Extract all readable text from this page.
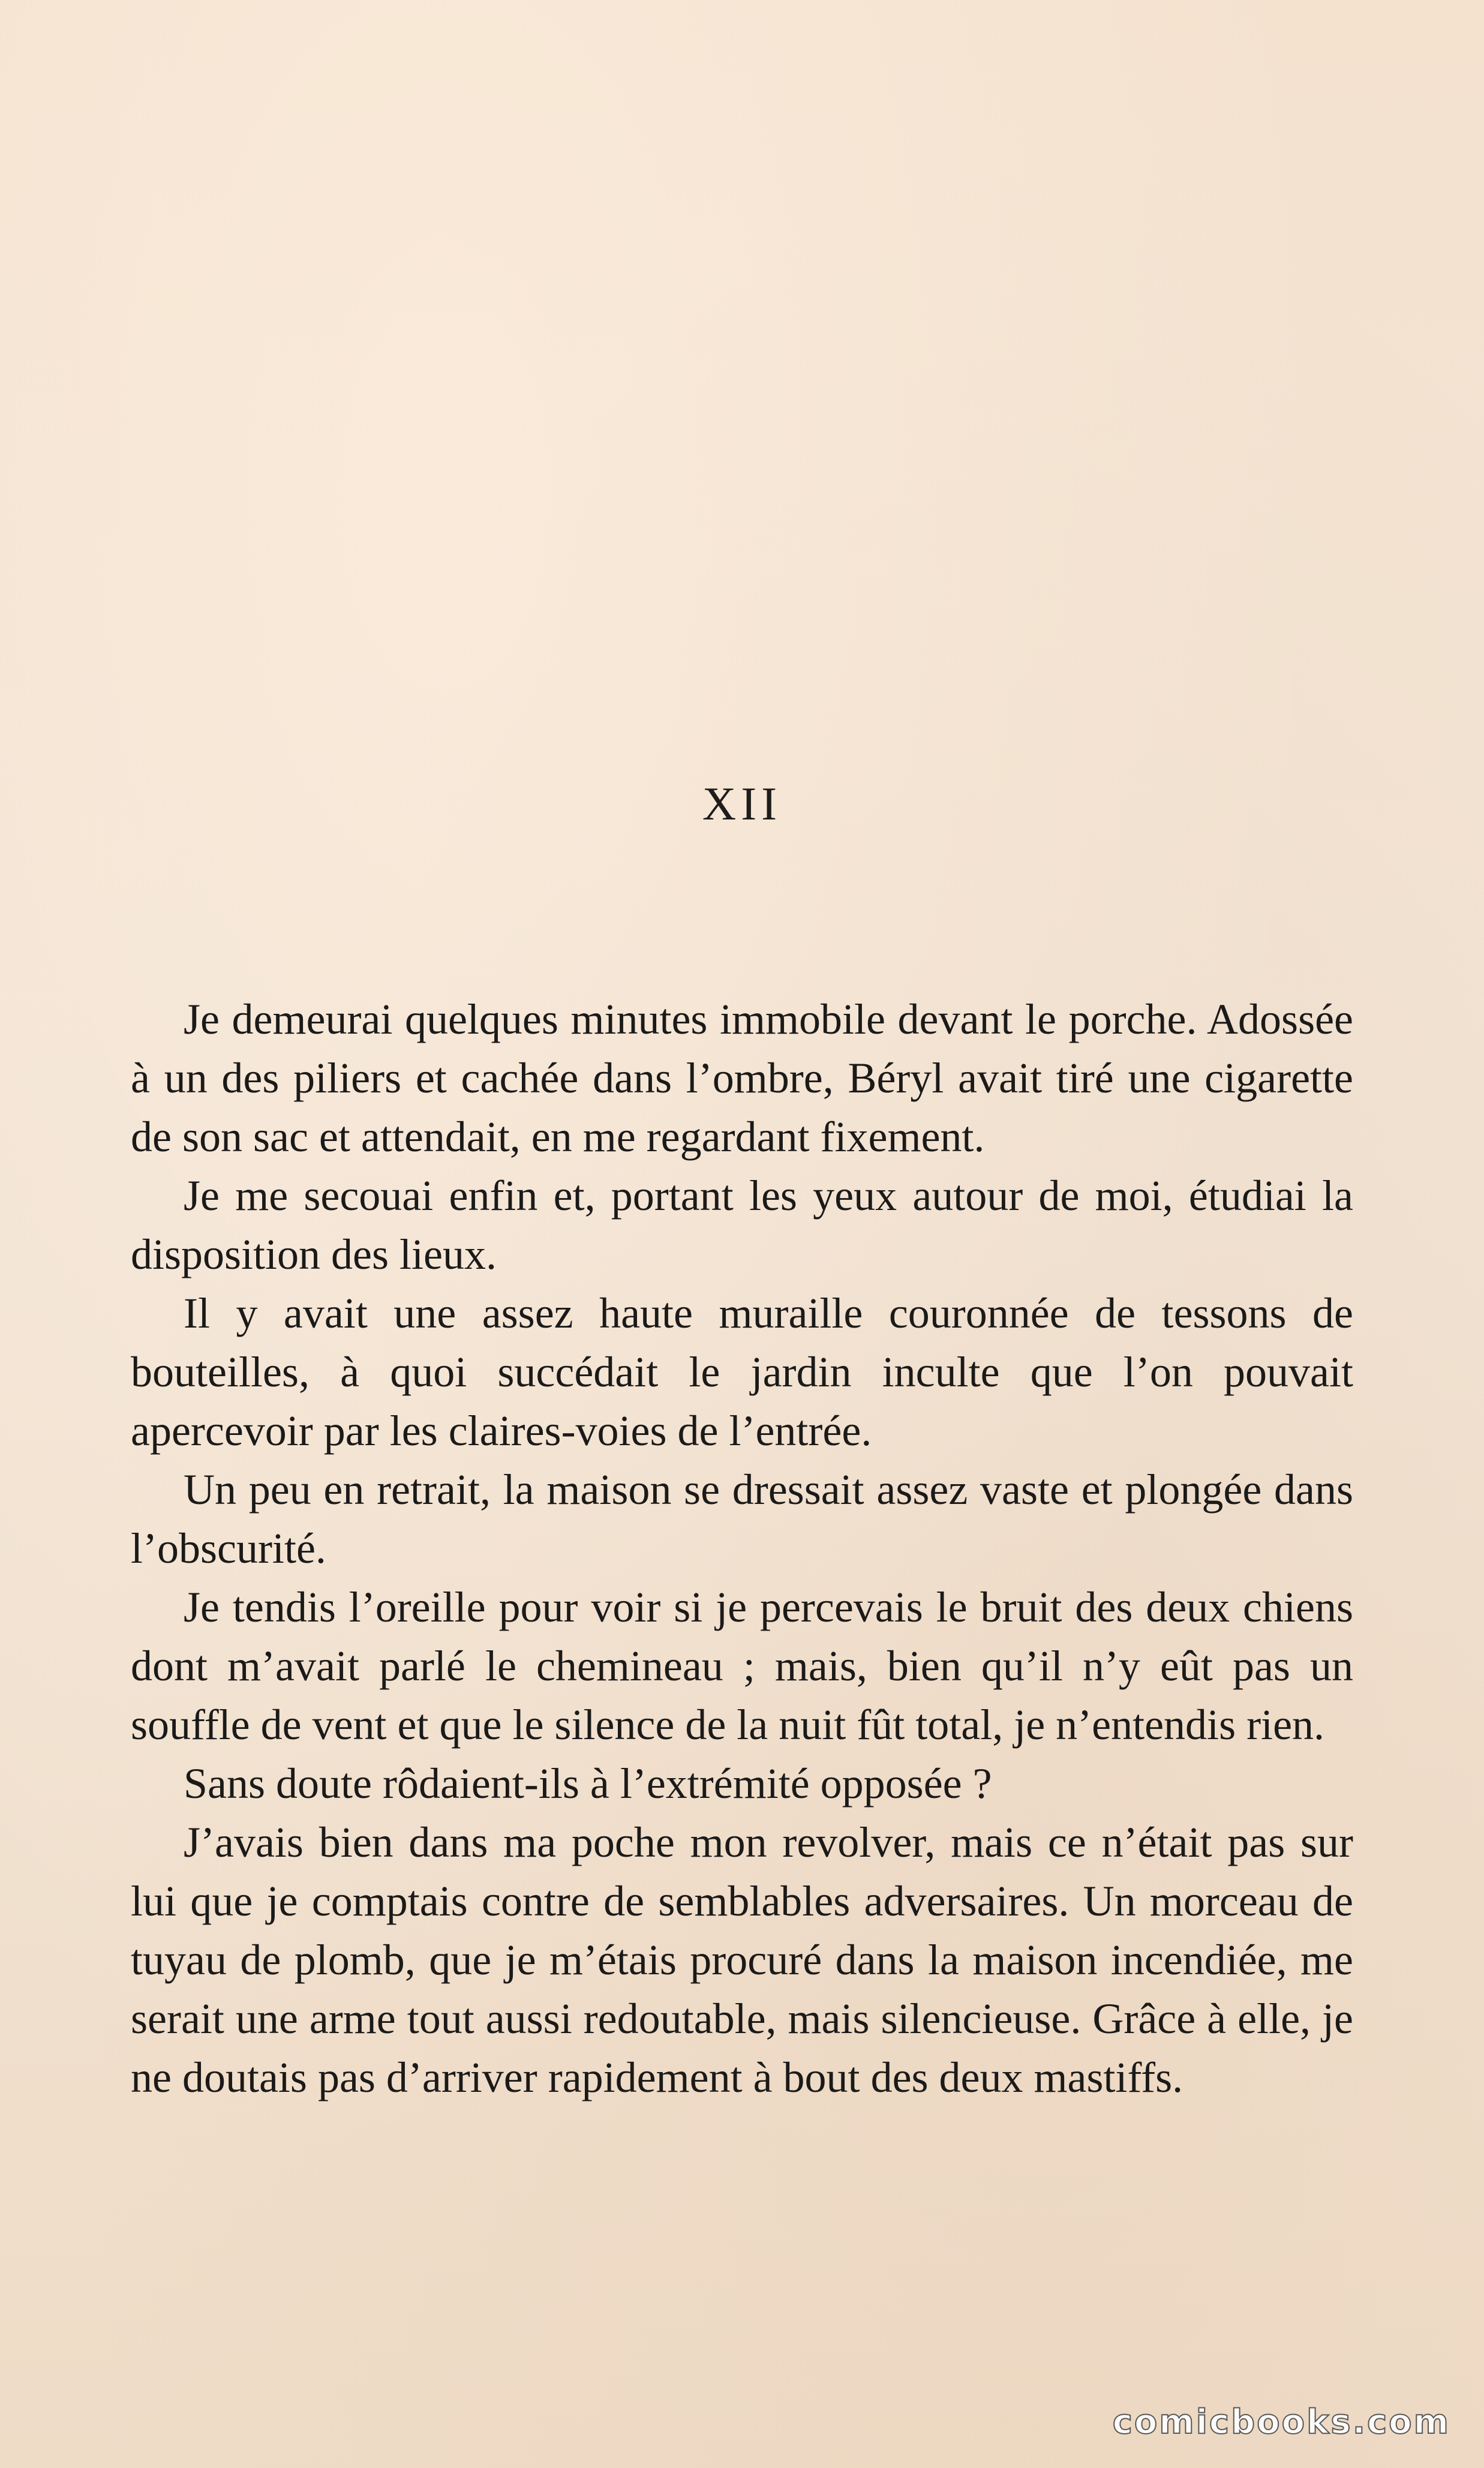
XII

Je demeurai quelques minutes immobile devant le porche. Adossée à un des piliers et cachée dans l’ombre, Béryl avait tiré une cigarette de son sac et attendait, en me regardant fixement.

Je me secouai enfin et, portant les yeux autour de moi, étudiai la disposition des lieux.

Il y avait une assez haute muraille couronnée de tessons de bouteilles, à quoi succédait le jardin inculte que l’on pouvait apercevoir par les claires-voies de l’entrée.

Un peu en retrait, la maison se dressait assez vaste et plongée dans l’obscurité.

Je tendis l’oreille pour voir si je percevais le bruit des deux chiens dont m’avait parlé le chemineau ; mais, bien qu’il n’y eût pas un souffle de vent et que le silence de la nuit fût total, je n’entendis rien.

Sans doute rôdaient-ils à l’extrémité opposée ?

J’avais bien dans ma poche mon revolver, mais ce n’était pas sur lui que je comptais contre de semblables adversaires. Un morceau de tuyau de plomb, que je m’étais procuré dans la maison incendiée, me serait une arme tout aussi redoutable, mais silencieuse. Grâce à elle, je ne doutais pas d’arriver rapidement à bout des deux mastiffs.

comicbooks.com
